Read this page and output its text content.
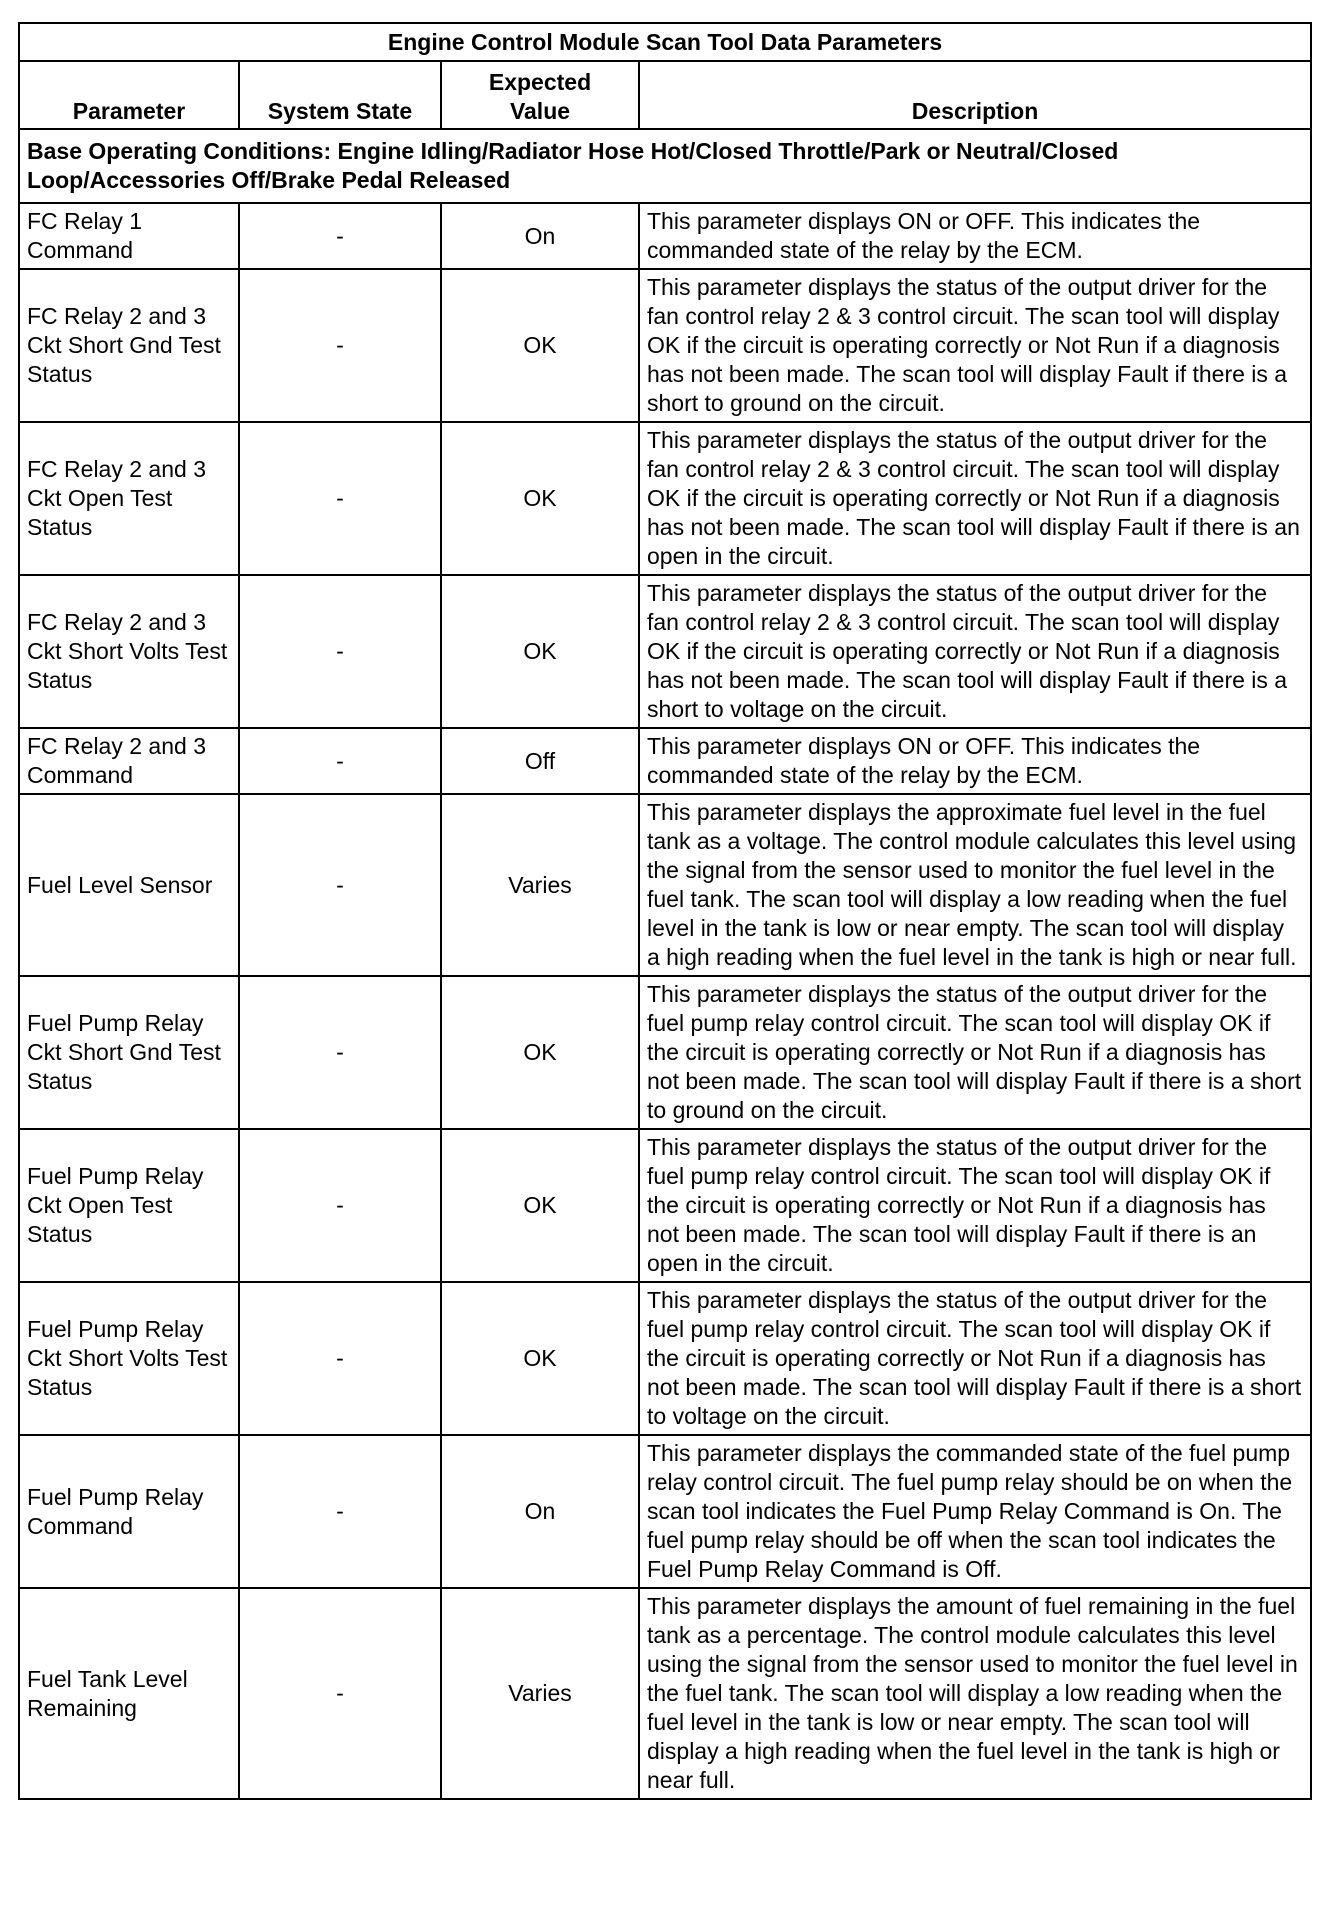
Engine Control Module Scan Tool Data Parameters			
Parameter	System State	Expected Value	Description
Base Operating Conditions: Engine Idling/Radiator Hose Hot/Closed Throttle/Park or Neutral/Closed Loop/Accessories Off/Brake Pedal Released			
FC Relay 1 Command	-	On	This parameter displays ON or OFF. This indicates the commanded state of the relay by the ECM.
FC Relay 2 and 3 Ckt Short Gnd Test Status	-	OK	This parameter displays the status of the output driver for the fan control relay 2 & 3 control circuit. The scan tool will display OK if the circuit is operating correctly or Not Run if a diagnosis has not been made. The scan tool will display Fault if there is a short to ground on the circuit.
FC Relay 2 and 3 Ckt Open Test Status	-	OK	This parameter displays the status of the output driver for the fan control relay 2 & 3 control circuit. The scan tool will display OK if the circuit is operating correctly or Not Run if a diagnosis has not been made. The scan tool will display Fault if there is an open in the circuit.
FC Relay 2 and 3 Ckt Short Volts Test Status	-	OK	This parameter displays the status of the output driver for the fan control relay 2 & 3 control circuit. The scan tool will display OK if the circuit is operating correctly or Not Run if a diagnosis has not been made. The scan tool will display Fault if there is a short to voltage on the circuit.
FC Relay 2 and 3 Command	-	Off	This parameter displays ON or OFF. This indicates the commanded state of the relay by the ECM.
Fuel Level Sensor	-	Varies	This parameter displays the approximate fuel level in the fuel tank as a voltage. The control module calculates this level using the signal from the sensor used to monitor the fuel level in the fuel tank. The scan tool will display a low reading when the fuel level in the tank is low or near empty. The scan tool will display a high reading when the fuel level in the tank is high or near full.
Fuel Pump Relay Ckt Short Gnd Test Status	-	OK	This parameter displays the status of the output driver for the fuel pump relay control circuit. The scan tool will display OK if the circuit is operating correctly or Not Run if a diagnosis has not been made. The scan tool will display Fault if there is a short to ground on the circuit.
Fuel Pump Relay Ckt Open Test Status	-	OK	This parameter displays the status of the output driver for the fuel pump relay control circuit. The scan tool will display OK if the circuit is operating correctly or Not Run if a diagnosis has not been made. The scan tool will display Fault if there is an open in the circuit.
Fuel Pump Relay Ckt Short Volts Test Status	-	OK	This parameter displays the status of the output driver for the fuel pump relay control circuit. The scan tool will display OK if the circuit is operating correctly or Not Run if a diagnosis has not been made. The scan tool will display Fault if there is a short to voltage on the circuit.
Fuel Pump Relay Command	-	On	This parameter displays the commanded state of the fuel pump relay control circuit. The fuel pump relay should be on when the scan tool indicates the Fuel Pump Relay Command is On. The fuel pump relay should be off when the scan tool indicates the Fuel Pump Relay Command is Off.
Fuel Tank Level Remaining	-	Varies	This parameter displays the amount of fuel remaining in the fuel tank as a percentage. The control module calculates this level using the signal from the sensor used to monitor the fuel level in the fuel tank. The scan tool will display a low reading when the fuel level in the tank is low or near empty. The scan tool will display a high reading when the fuel level in the tank is high or near full.
